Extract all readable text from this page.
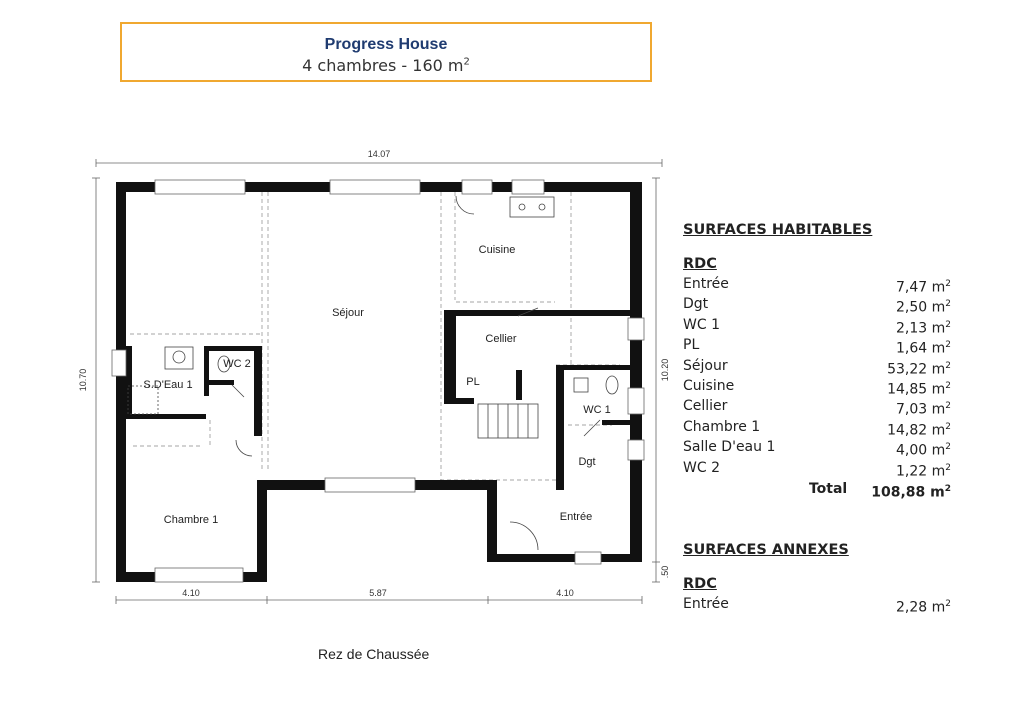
Progress House
4 chambres - 160 $m^2$
14.07
10.70	10.20
.50
4.10	5.87	4.10
Cuisine
Séjour
Cellier
WC 2
S.D'Eau 1	PL
WC 1
Dgt
Chambre 1	Entrée
Rez de Chaussée
SURFACES HABITABLES
RDC
Entrée	7,47 $m^2$
Dgt	2,50 $m^2$
WC 1	2,13 $m^2$
PL	1,64 $m^2$
Séjour	53,22 $m^2$
Cuisine	14,85 $m^2$
Cellier	7,03 $m^2$
Chambre 1	14,82 $m^2$
Salle D'eau 1	4,00 $m^2$
WC 2	1,22 $m^2$
Total 108,88 $m^2$
SURFACES ANNEXES
RDC
Entrée	2,28 $m^2$
